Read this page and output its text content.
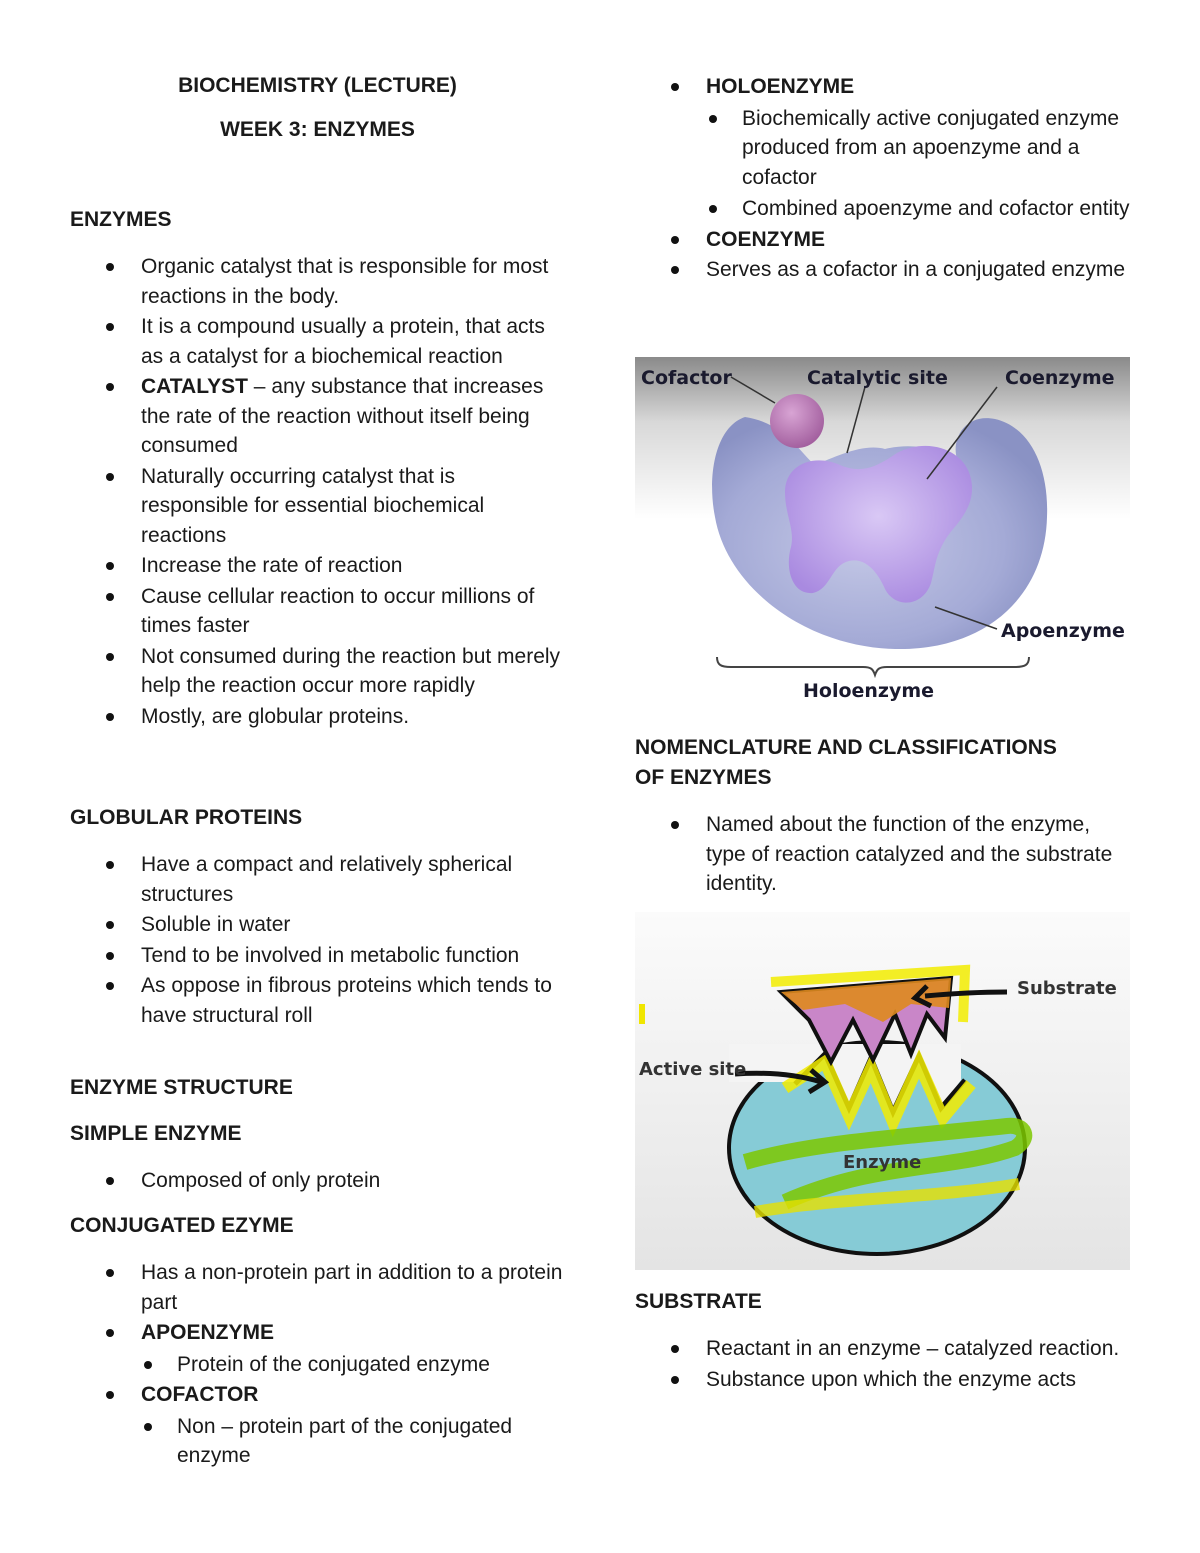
BIOCHEMISTRY (LECTURE)
WEEK 3: ENZYMES
ENZYMES
Organic catalyst that is responsible for most reactions in the body.
It is a compound usually a protein, that acts as a catalyst for a biochemical reaction
CATALYST – any substance that increases the rate of the reaction without itself being consumed
Naturally occurring catalyst that is responsible for essential biochemical reactions
Increase the rate of reaction
Cause cellular reaction to occur millions of times faster
Not consumed during the reaction but merely help the reaction occur more rapidly
Mostly, are globular proteins.
GLOBULAR PROTEINS
Have a compact and relatively spherical structures
Soluble in water
Tend to be involved in metabolic function
As oppose in fibrous proteins which tends to have structural roll
ENZYME STRUCTURE
SIMPLE ENZYME
Composed of only protein
CONJUGATED EZYME
Has a non-protein part in addition to a protein part
APOENZYME
Protein of the conjugated enzyme
COFACTOR
Non – protein part of the conjugated enzyme
HOLOENZYME
Biochemically active conjugated enzyme produced from an apoenzyme and a cofactor
Combined apoenzyme and cofactor entity
COENZYME
Serves as a cofactor in a conjugated enzyme
Cofactor	Catalytic site	Coenzyme
Apoenzyme
Holoenzyme
NOMENCLATURE AND CLASSIFICATIONS
OF ENZYMES
Named about the function of the enzyme, type of reaction catalyzed and the substrate identity.
Substrate
Active site
Enzyme
SUBSTRATE
Reactant in an enzyme – catalyzed reaction.
Substance upon which the enzyme acts
